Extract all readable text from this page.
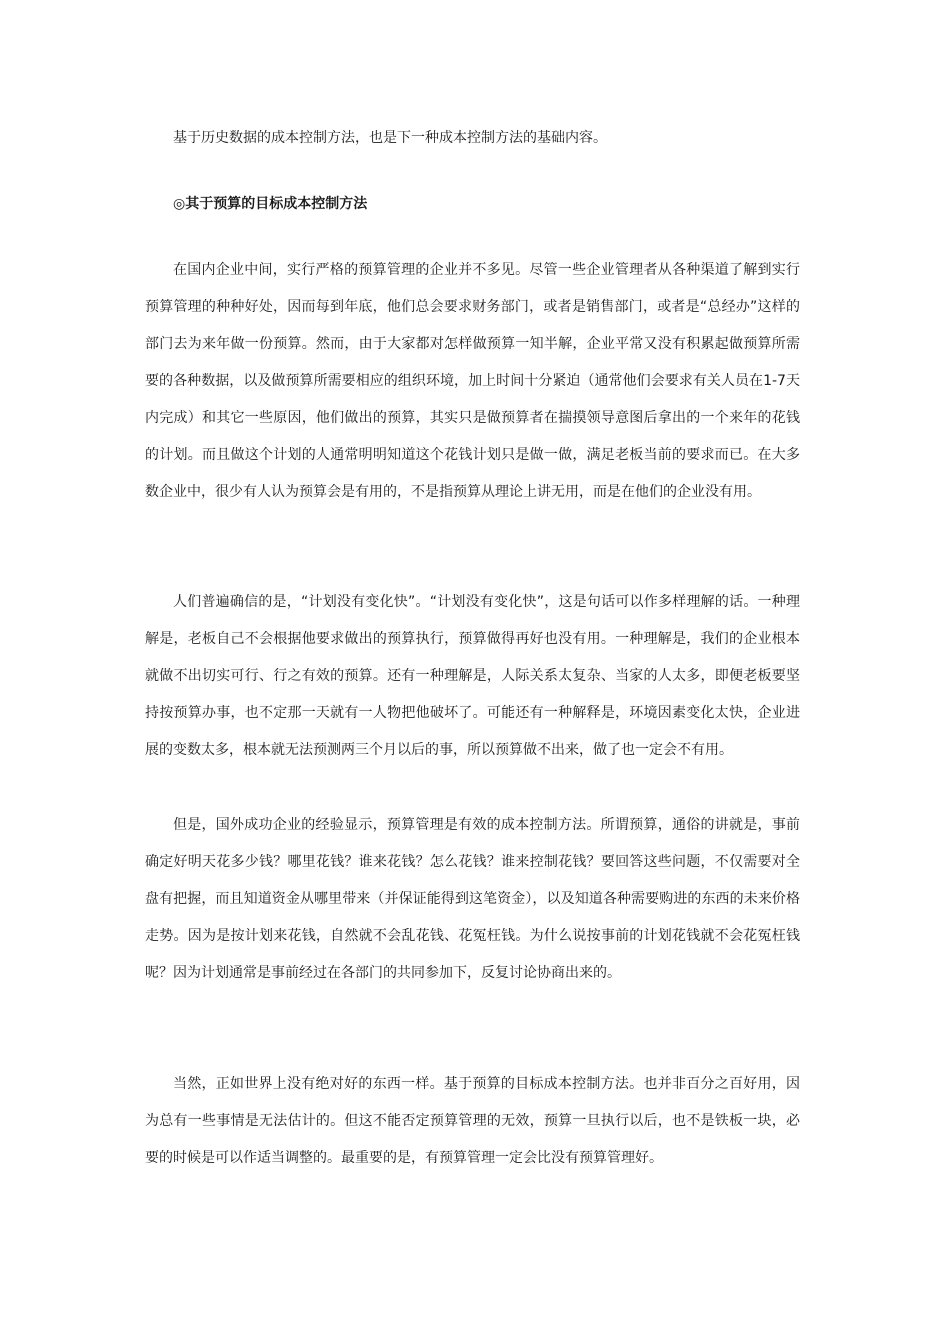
基于历史数据的成本控制方法，也是下一种成本控制方法的基础内容。

◎其于预算的目标成本控制方法

在国内企业中间，实行严格的预算管理的企业并不多见。尽管一些企业管理者从各种渠道了解到实行预算管理的种种好处，因而每到年底，他们总会要求财务部门，或者是销售部门，或者是“总经办”这样的部门去为来年做一份预算。然而，由于大家都对怎样做预算一知半解，企业平常又没有积累起做预算所需要的各种数据，以及做预算所需要相应的组织环境，加上时间十分紧迫（通常他们会要求有关人员在1-7天内完成）和其它一些原因，他们做出的预算，其实只是做预算者在揣摸领导意图后拿出的一个来年的花钱的计划。而且做这个计划的人通常明明知道这个花钱计划只是做一做，满足老板当前的要求而已。在大多数企业中，很少有人认为预算会是有用的，不是指预算从理论上讲无用，而是在他们的企业没有用。

人们普遍确信的是，“计划没有变化快”。“计划没有变化快”，这是句话可以作多样理解的话。一种理解是，老板自己不会根据他要求做出的预算执行，预算做得再好也没有用。一种理解是，我们的企业根本就做不出切实可行、行之有效的预算。还有一种理解是，人际关系太复杂、当家的人太多，即便老板要坚持按预算办事，也不定那一天就有一人物把他破坏了。可能还有一种解释是，环境因素变化太快，企业进展的变数太多，根本就无法预测两三个月以后的事，所以预算做不出来，做了也一定会不有用。

但是，国外成功企业的经验显示，预算管理是有效的成本控制方法。所谓预算，通俗的讲就是，事前确定好明天花多少钱？哪里花钱？谁来花钱？怎么花钱？谁来控制花钱？要回答这些问题，不仅需要对全盘有把握，而且知道资金从哪里带来（并保证能得到这笔资金），以及知道各种需要购进的东西的未来价格走势。因为是按计划来花钱，自然就不会乱花钱、花冤枉钱。为什么说按事前的计划花钱就不会花冤枉钱呢？因为计划通常是事前经过在各部门的共同参加下，反复讨论协商出来的。

当然，正如世界上没有绝对好的东西一样。基于预算的目标成本控制方法。也并非百分之百好用，因为总有一些事情是无法估计的。但这不能否定预算管理的无效，预算一旦执行以后，也不是铁板一块，必要的时候是可以作适当调整的。最重要的是，有预算管理一定会比没有预算管理好。
